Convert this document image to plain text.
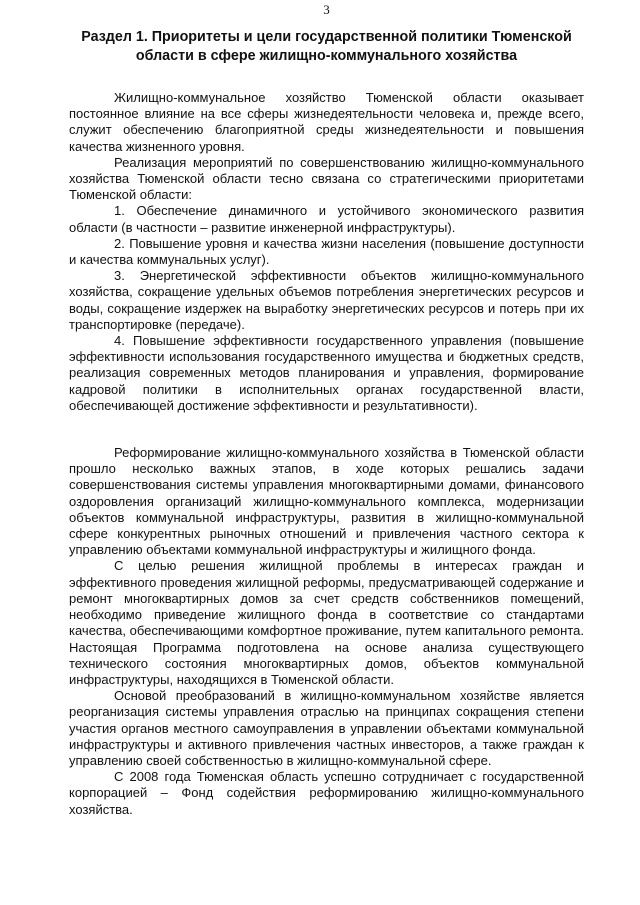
3
Раздел 1. Приоритеты и цели государственной политики Тюменской области в сфере жилищно-коммунального хозяйства

Жилищно-коммунальное хозяйство Тюменской области оказывает постоянное влияние на все сферы жизнедеятельности человека и, прежде всего, служит обеспечению благоприятной среды жизнедеятельности и повышения качества жизненного уровня.

Реализация мероприятий по совершенствованию жилищно-коммунального хозяйства Тюменской области тесно связана со стратегическими приоритетами Тюменской области:

1. Обеспечение динамичного и устойчивого экономического развития области (в частности – развитие инженерной инфраструктуры).

2. Повышение уровня и качества жизни населения (повышение доступности и качества коммунальных услуг).

3. Энергетической эффективности объектов жилищно-коммунального хозяйства, сокращение удельных объемов потребления энергетических ресурсов и воды, сокращение издержек на выработку энергетических ресурсов и потерь при их транспортировке (передаче).

4. Повышение эффективности государственного управления (повышение эффективности использования государственного имущества и бюджетных средств, реализация современных методов планирования и управления, формирование кадровой политики в исполнительных органах государственной власти, обеспечивающей достижение эффективности и результативности).

Реформирование жилищно-коммунального хозяйства в Тюменской области прошло несколько важных этапов, в ходе которых решались задачи совершенствования системы управления многоквартирными домами, финансового оздоровления организаций жилищно-коммунального комплекса, модернизации объектов коммунальной инфраструктуры, развития в жилищно-коммунальной сфере конкурентных рыночных отношений и привлечения частного сектора к управлению объектами коммунальной инфраструктуры и жилищного фонда.

С целью решения жилищной проблемы в интересах граждан и эффективного проведения жилищной реформы, предусматривающей содержание и ремонт многоквартирных домов за счет средств собственников помещений, необходимо приведение жилищного фонда в соответствие со стандартами качества, обеспечивающими комфортное проживание, путем капитального ремонта. Настоящая Программа подготовлена на основе анализа существующего технического состояния многоквартирных домов, объектов коммунальной инфраструктуры, находящихся в Тюменской области.

Основой преобразований в жилищно-коммунальном хозяйстве является реорганизация системы управления отраслью на принципах сокращения степени участия органов местного самоуправления в управлении объектами коммунальной инфраструктуры и активного привлечения частных инвесторов, а также граждан к управлению своей собственностью в жилищно-коммунальной сфере.

С 2008 года Тюменская область успешно сотрудничает с государственной корпорацией – Фонд содействия реформированию жилищно-коммунального хозяйства.
